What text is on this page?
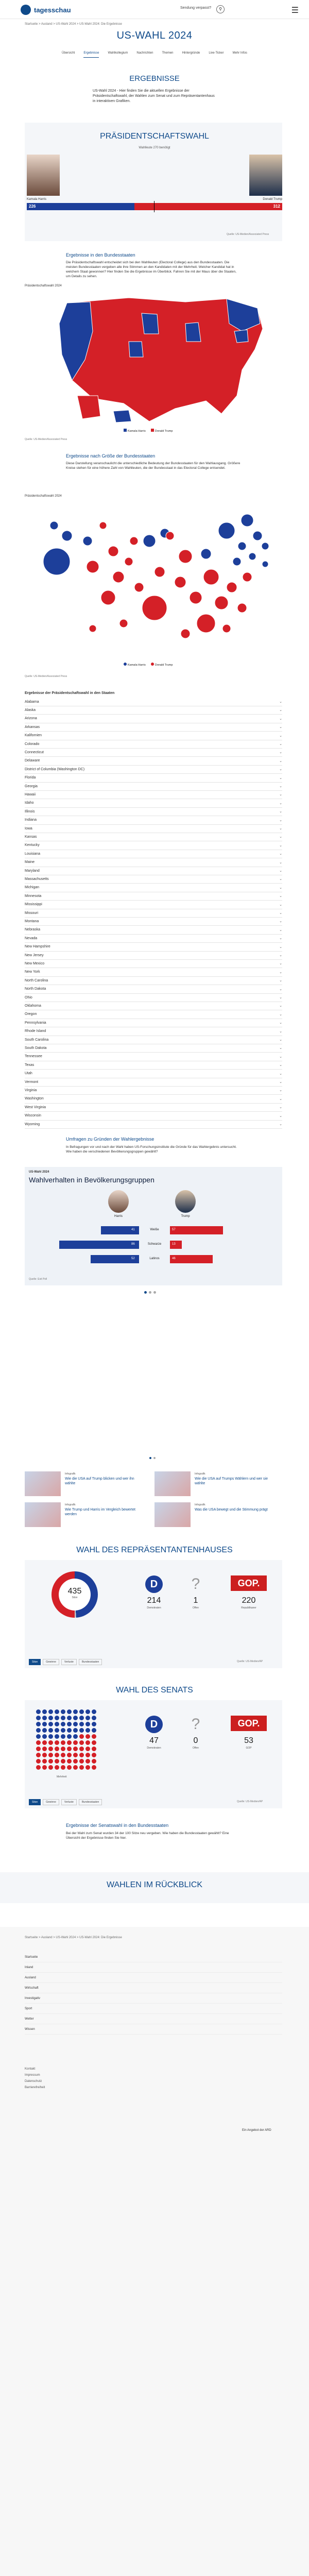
tagesschau	Sendung verpasst?	⚲	☰
Startseite > Ausland > US-Wahl 2024 > US-Wahl 2024: Die Ergebnisse
US-WAHL 2024
Übersicht	Ergebnisse	Wahlkollegium	Nachrichten	Themen	Hintergründe	Live-Ticker	Mehr Infos
ERGEBNISSE
US-Wahl 2024 - Hier finden Sie die aktuellen Ergebnisse der Präsidentschaftswahl, der Wahlen zum Senat und zum Repräsentantenhaus in interaktiven Grafiken.
PRÄSIDENTSCHAFTSWAHL
Wahlleute 270 benötigt
Kamala Harris	Donald Trump
226	312
Quelle: US-Medien/Associated Press
Ergebnisse in den Bundesstaaten
Die Präsidentschaftswahl entscheidet sich bei den Wahlleuten (Electoral College) aus den Bundesstaaten. Die meisten Bundesstaaten vergeben alle ihre Stimmen an den Kandidaten mit der Mehrheit. Welcher Kandidat hat in welchem Staat gewonnen? Hier finden Sie die Ergebnisse im Überblick. Fahren Sie mit der Maus über die Staaten, um Details zu sehen.
Präsidentschaftswahl 2024
Kamala Harris	Donald Trump
Quelle: US-Medien/Associated Press
Ergebnisse nach Größe der Bundesstaaten
Diese Darstellung veranschaulicht die unterschiedliche Bedeutung der Bundesstaaten für den Wahlausgang. Größere Kreise stehen für eine höhere Zahl von Wahlleuten, die der Bundesstaat in das Electoral College entsendet.
Präsidentschaftswahl 2024
Kamala Harris	Donald Trump
Quelle: US-Medien/Associated Press
Ergebnisse der Präsidentschaftswahl in den Staaten
Alabama	⌄
Alaska	⌄
Arizona	⌄
Arkansas	⌄
Kalifornien	⌄
Colorado	⌄
Connecticut	⌄
Delaware	⌄
District of Columbia (Washington DC)	⌄
Florida	⌄
Georgia	⌄
Hawaii	⌄
Idaho	⌄
Illinois	⌄
Indiana	⌄
Iowa	⌄
Kansas	⌄
Kentucky	⌄
Louisiana	⌄
Maine	⌄
Maryland	⌄
Massachusetts	⌄
Michigan	⌄
Minnesota	⌄
Mississippi	⌄
Missouri	⌄
Montana	⌄
Nebraska	⌄
Nevada	⌄
New Hampshire	⌄
New Jersey	⌄
New Mexico	⌄
New York	⌄
North Carolina	⌄
North Dakota	⌄
Ohio	⌄
Oklahoma	⌄
Oregon	⌄
Pennsylvania	⌄
Rhode Island	⌄
South Carolina	⌄
South Dakota	⌄
Tennessee	⌄
Texas	⌄
Utah	⌄
Vermont	⌄
Virginia	⌄
Washington	⌄
West Virginia	⌄
Wisconsin	⌄
Wyoming	⌄
Umfragen zu Gründen der Wahlergebnisse
In Befragungen vor und nach der Wahl haben US-Forschungsinstitute die Gründe für das Wahlergebnis untersucht. Wie haben die verschiedenen Bevölkerungsgruppen gewählt?
US-Wahl 2024
Wahlverhalten in Bevölkerungsgruppen
Harris	Trump
41	Weiße	57
86	Schwarze	13
52	Latinos	46
Quelle: Exit Poll
Infografik
Wie die USA auf Trump blicken und wer ihn wählte
Infografik
Wie die USA auf Trumps Wählern und wer sie wählte
Infografik
Wie Trump und Harris im Vergleich bewertet werden
Infografik
Was die USA bewegt und die Stimmung prägt
WAHL DES REPRÄSENTANTENHAUSES
435
Sitze
D
214
Demokraten
?
1
Offen
GOP.
220
Republikaner
Sitze	Gewinne	Verluste	Bundesstaaten	Quelle: US-Medien/AP
WAHL DES SENATS
Mehrheit
D
47
Demokraten
?
0
Offen
GOP.
53
GOP
Sitze	Gewinne	Verluste	Bundesstaaten	Quelle: US-Medien/AP
Ergebnisse der Senatswahl in den Bundesstaaten
Bei der Wahl zum Senat wurden 34 der 100 Sitze neu vergeben. Wie haben die Bundesstaaten gewählt? Eine Übersicht der Ergebnisse finden Sie hier.
WAHLEN IM RÜCKBLICK
Startseite > Ausland > US-Wahl 2024 > US-Wahl 2024: Die Ergebnisse
Startseite
Inland
Ausland
Wirtschaft
Investigativ
Sport
Wetter
Wissen
Kontakt
Impressum
Datenschutz
Barrierefreiheit
Ein Angebot der ARD
